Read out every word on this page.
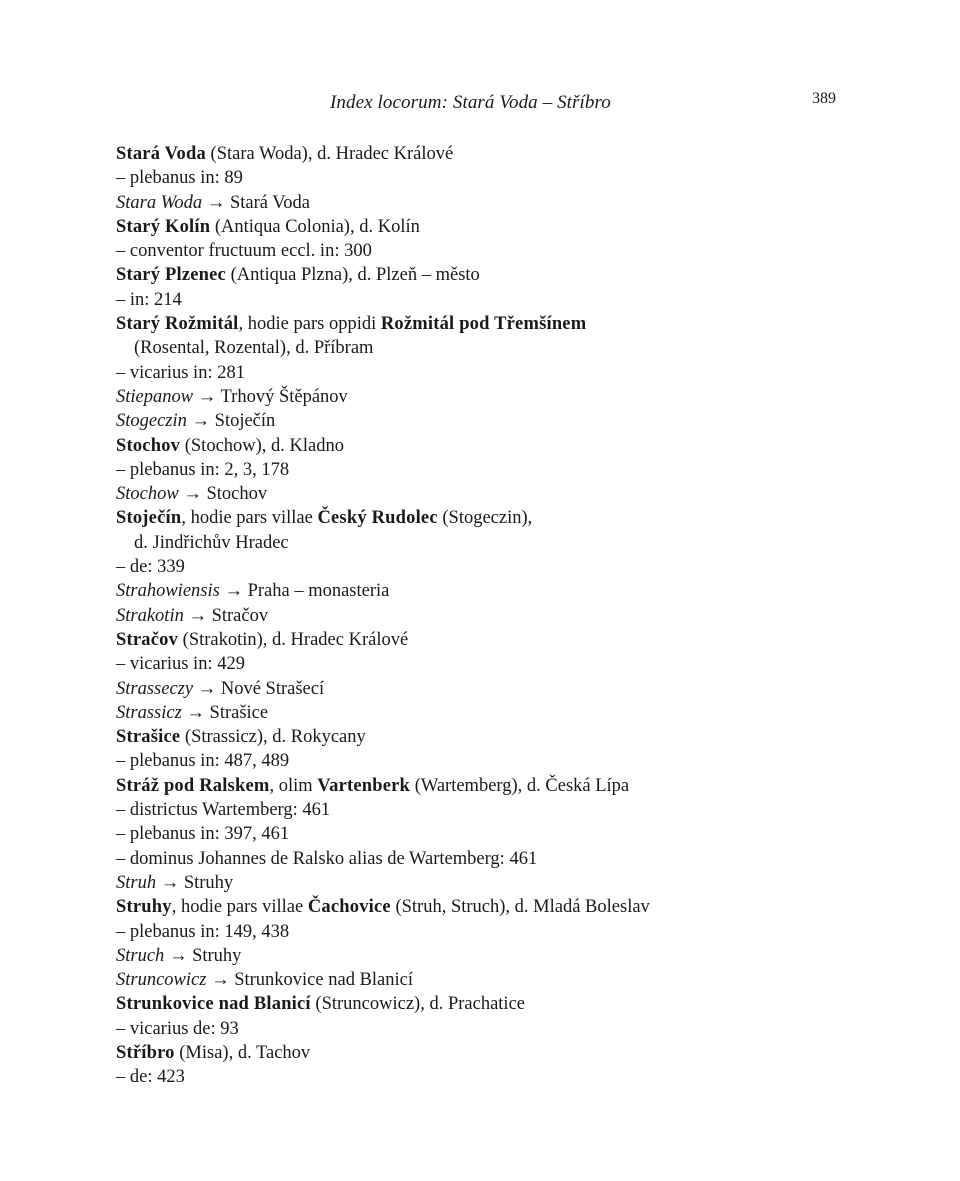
Index locorum: Stará Voda – Stříbro	389
Stará Voda (Stara Woda), d. Hradec Králové
– plebanus in: 89
Stara Woda → Stará Voda
Starý Kolín (Antiqua Colonia), d. Kolín
– conventor fructuum eccl. in: 300
Starý Plzenec (Antiqua Plzna), d. Plzeň – město
– in: 214
Starý Rožmitál, hodie pars oppidi Rožmitál pod Třemšínem
(Rosental, Rozental), d. Příbram
– vicarius in: 281
Stiepanow → Trhový Štěpánov
Stogeczin → Stoječín
Stochov (Stochow), d. Kladno
– plebanus in: 2, 3, 178
Stochow → Stochov
Stoječín, hodie pars villae Český Rudolec (Stogeczin),
d. Jindřichův Hradec
– de: 339
Strahowiensis → Praha – monasteria
Strakotin → Stračov
Stračov (Strakotin), d. Hradec Králové
– vicarius in: 429
Strasseczy → Nové Strašecí
Strassicz → Strašice
Strašice (Strassicz), d. Rokycany
– plebanus in: 487, 489
Stráž pod Ralskem, olim Vartenberk (Wartemberg), d. Česká Lípa
– districtus Wartemberg: 461
– plebanus in: 397, 461
– dominus Johannes de Ralsko alias de Wartemberg: 461
Struh → Struhy
Struhy, hodie pars villae Čachovice (Struh, Struch), d. Mladá Boleslav
– plebanus in: 149, 438
Struch → Struhy
Struncowicz → Strunkovice nad Blanicí
Strunkovice nad Blanicí (Struncowicz), d. Prachatice
– vicarius de: 93
Stříbro (Misa), d. Tachov
– de: 423
